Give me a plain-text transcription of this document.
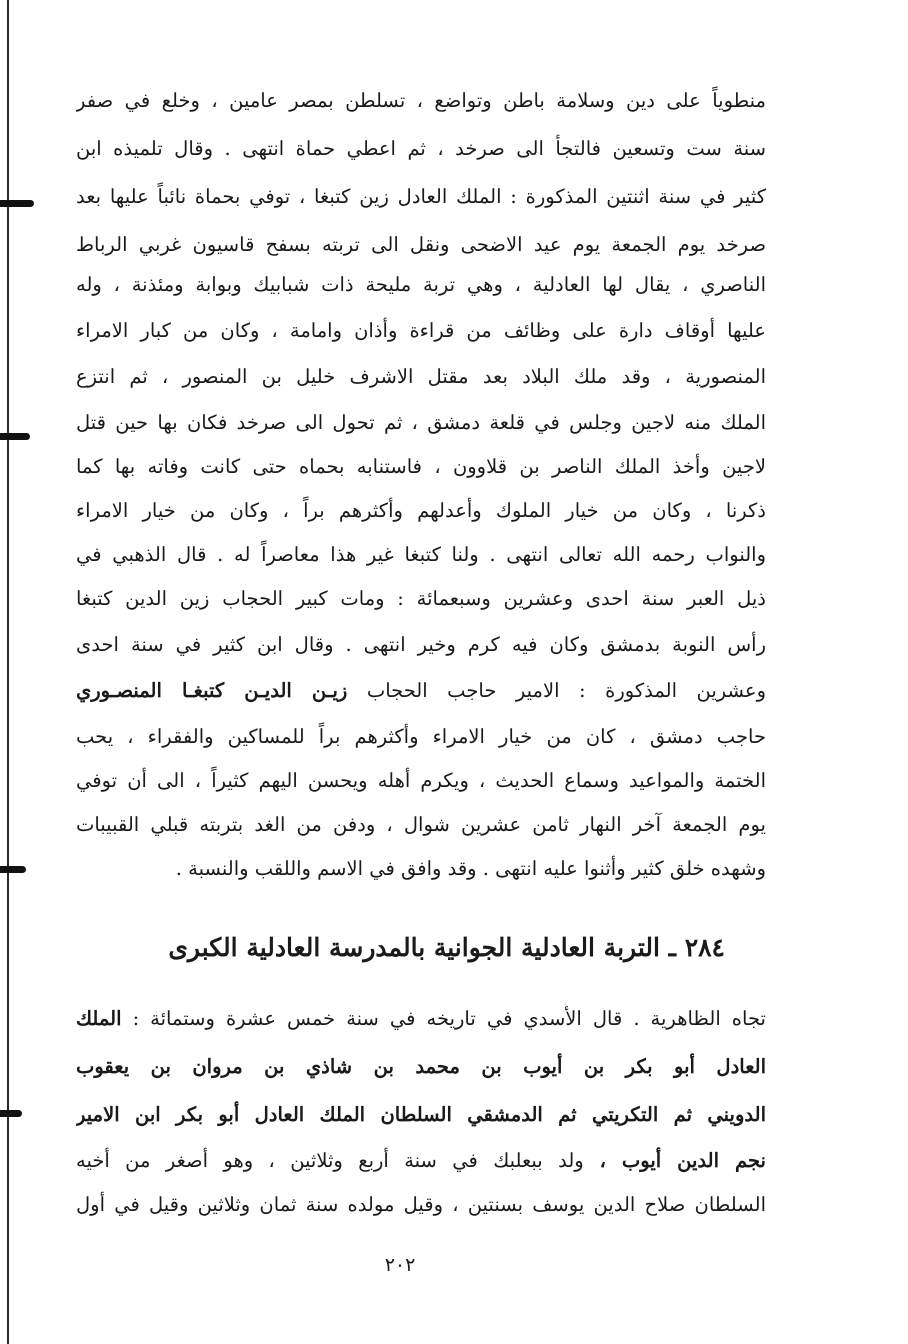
منطوياً على دين وسلامة باطن وتواضع ، تسلطن بمصر عامين ، وخلع في صفر
سنة ست وتسعين فالتجأ الى صرخد ، ثم اعطي حماة انتهى . وقال تلميذه ابن
كثير في سنة اثنتين المذكورة : الملك العادل زين كتبغا ، توفي بحماة نائباً عليها بعد
صرخد يوم الجمعة يوم عيد الاضحى ونقل الى تربته بسفح قاسيون غربي الرباط
الناصري ، يقال لها العادلية ، وهي تربة مليحة ذات شبابيك وبوابة ومئذنة ، وله
عليها أوقاف دارة على وظائف من قراءة وأذان وامامة ، وكان من كبار الامراء
المنصورية ، وقد ملك البلاد بعد مقتل الاشرف خليل بن المنصور ، ثم انتزع
الملك منه لاجين وجلس في قلعة دمشق ، ثم تحول الى صرخد فكان بها حين قتل
لاجين وأخذ الملك الناصر بن قلاوون ، فاستنابه بحماه حتى كانت وفاته بها كما
ذكرنا ، وكان من خيار الملوك وأعدلهم وأكثرهم براً ، وكان من خيار الامراء
والنواب رحمه الله تعالى انتهى . ولنا كتبغا غير هذا معاصراً له . قال الذهبي في
ذيل العبر سنة احدى وعشرين وسبعمائة : ومات كبير الحجاب زين الدين كتبغا
رأس النوبة بدمشق وكان فيه كرم وخير انتهى . وقال ابن كثير في سنة احدى
وعشرين المذكورة : الامير حاجب الحجاب زيـن الديـن كتبغـا المنصـوري
حاجب دمشق ، كان من خيار الامراء وأكثرهم براً للمساكين والفقراء ، يحب
الختمة والمواعيد وسماع الحديث ، ويكرم أهله ويحسن اليهم كثيراً ، الى أن توفي
يوم الجمعة آخر النهار ثامن عشرين شوال ، ودفن من الغد بتربته قبلي القبيبات
وشهده خلق كثير وأثنوا عليه انتهى . وقد وافق في الاسم واللقب والنسبة .
٢٨٤ ـ التربة العادلية الجوانية بالمدرسة العادلية الكبرى
تجاه الظاهرية . قال الأسدي في تاريخه في سنة خمس عشرة وستمائة : الملك
العادل أبو بكر بن أيوب بن محمد بن شاذي بن مروان بن يعقوب
الدويني ثم التكريتي ثم الدمشقي السلطان الملك العادل أبو بكر ابن الامير
نجم الدين أيوب ، ولد ببعلبك في سنة أربع وثلاثين ، وهو أصغر من أخيه
السلطان صلاح الدين يوسف بسنتين ، وقيل مولده سنة ثمان وثلاثين وقيل في أول
٢٠٢
